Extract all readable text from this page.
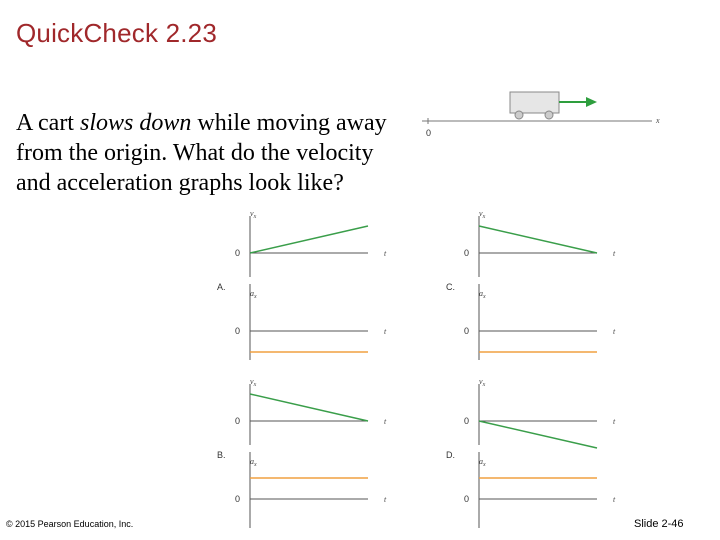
QuickCheck 2.23

A cart slows down while moving away from the origin. What do the velocity and acceleration graphs look like?

0
x
$v_x$
0	t
$a_x$
0	t
A.
$v_x$
0	t
$a_x$
0	t
B.
$v_x$
0	t
$a_x$
0	t
C.
$v_x$
0	t
$a_x$
0	t
D.
© 2015 Pearson Education, Inc.	Slide 2-46
